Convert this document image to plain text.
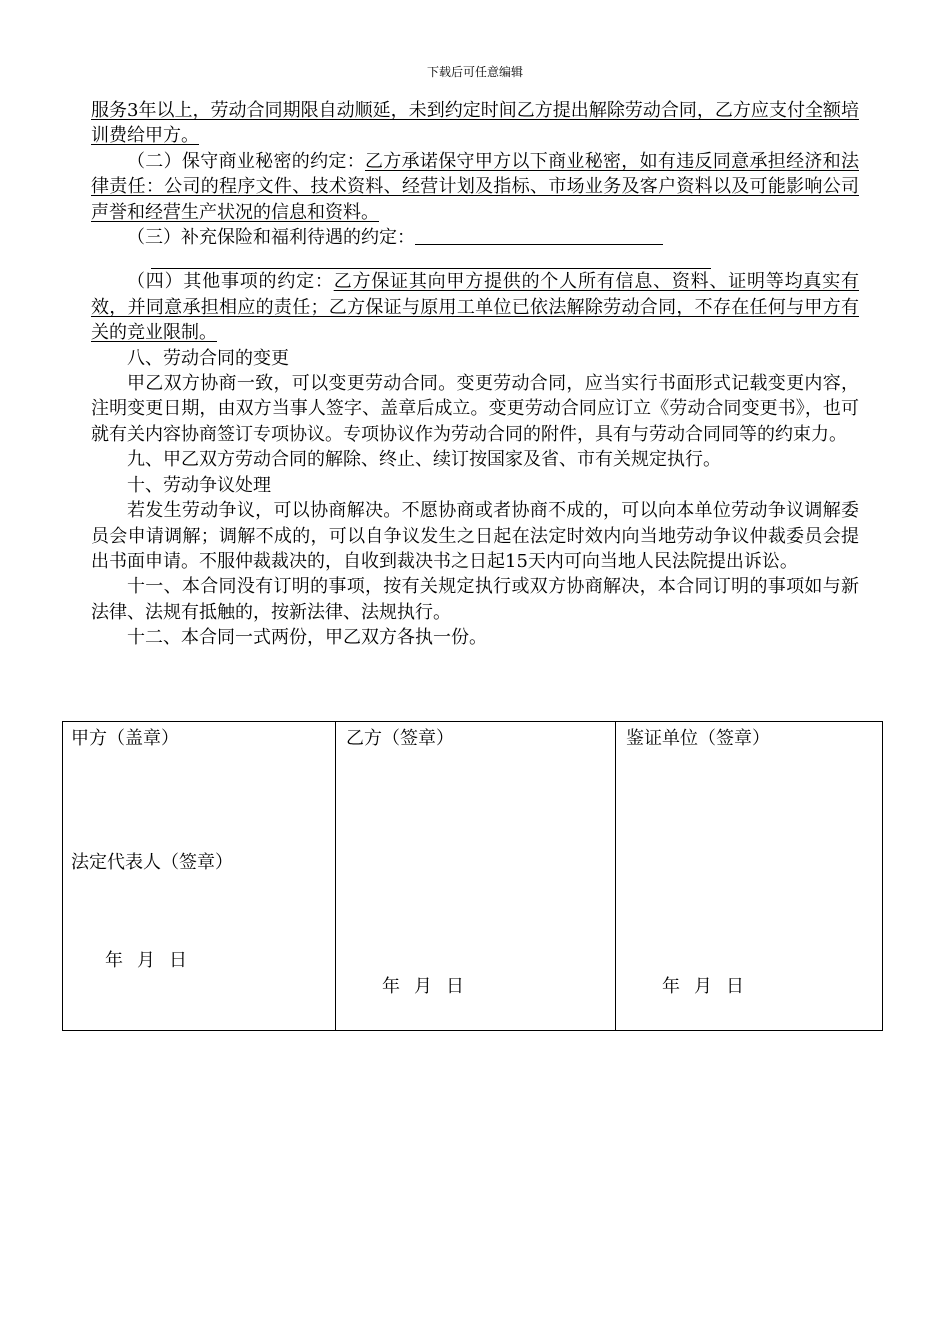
下载后可任意编辑

服务3年以上，劳动合同期限自动顺延，未到约定时间乙方提出解除劳动合同，乙方应支付全额培训费给甲方。

（二）保守商业秘密的约定：乙方承诺保守甲方以下商业秘密，如有违反同意承担经济和法律责任：公司的程序文件、技术资料、经营计划及指标、市场业务及客户资料以及可能影响公司声誉和经营生产状况的信息和资料。

（三）补充保险和福利待遇的约定：

（四）其他事项的约定：乙方保证其向甲方提供的个人所有信息、资料、证明等均真实有效，并同意承担相应的责任；乙方保证与原用工单位已依法解除劳动合同，不存在任何与甲方有关的竞业限制。

八、劳动合同的变更

甲乙双方协商一致，可以变更劳动合同。变更劳动合同，应当实行书面形式记载变更内容，注明变更日期，由双方当事人签字、盖章后成立。变更劳动合同应订立《劳动合同变更书》，也可就有关内容协商签订专项协议。专项协议作为劳动合同的附件，具有与劳动合同同等的约束力。

九、甲乙双方劳动合同的解除、终止、续订按国家及省、市有关规定执行。

十、劳动争议处理

若发生劳动争议，可以协商解决。不愿协商或者协商不成的，可以向本单位劳动争议调解委员会申请调解；调解不成的，可以自争议发生之日起在法定时效内向当地劳动争议仲裁委员会提出书面申请。不服仲裁裁决的，自收到裁决书之日起15天内可向当地人民法院提出诉讼。

十一、本合同没有订明的事项，按有关规定执行或双方协商解决，本合同订明的事项如与新法律、法规有抵触的，按新法律、法规执行。

十二、本合同一式两份，甲乙双方各执一份。

甲方（盖章）
法定代表人（签章）
年 月 日

乙方（签章）
年 月 日

鉴证单位（签章）
年 月 日
